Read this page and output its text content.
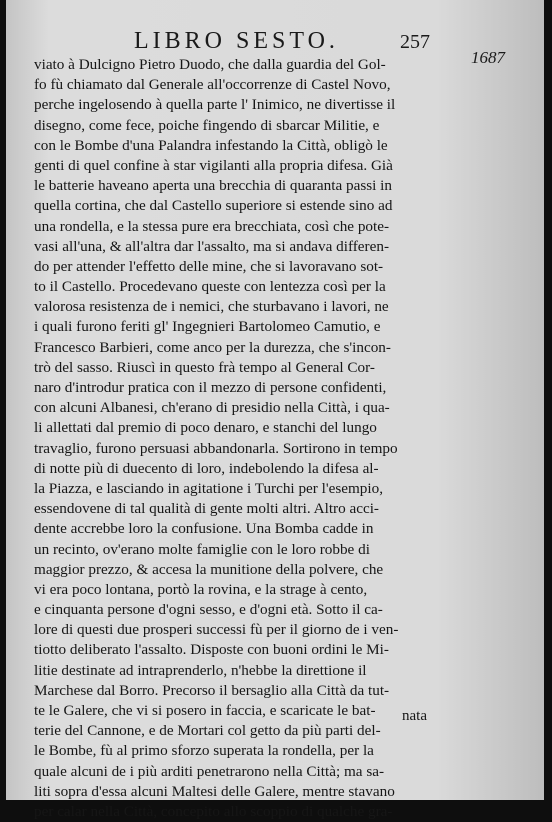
LIBRO SESTO.	257
1687
viato à Dulcigno Pietro Duodo, che dalla guardia del Gol-
fo fù chiamato dal Generale all'occorrenze di Castel Novo,
perche ingelosendo à quella parte l' Inimico, ne divertisse il
disegno, come fece, poiche fingendo di sbarcar Militie, e
con le Bombe d'una Palandra infestando la Città, obligò le
genti di quel confine à star vigilanti alla propria difesa. Già
le batterie haveano aperta una brecchia di quaranta passi in
quella cortina, che dal Castello superiore si estende sino ad
una rondella, e la stessa pure era brecchiata, così che pote-
vasi all'una, & all'altra dar l'assalto, ma si andava differen-
do per attender l'effetto delle mine, che si lavoravano sot-
to il Castello. Procedevano queste con lentezza così per la
valorosa resistenza de i nemici, che sturbavano i lavori, ne
i quali furono feriti gl' Ingegnieri Bartolomeo Camutio, e
Francesco Barbieri, come anco per la durezza, che s'incon-
trò del sasso. Riuscì in questo frà tempo al General Cor-
naro d'introdur pratica con il mezzo di persone confidenti,
con alcuni Albanesi, ch'erano di presidio nella Città, i qua-
li allettati dal premio di poco denaro, e stanchi del lungo
travaglio, furono persuasi abbandonarla. Sortirono in tempo
di notte più di duecento di loro, indebolendo la difesa al-
la Piazza, e lasciando in agitatione i Turchi per l'esempio,
essendovene di tal qualità di gente molti altri. Altro acci-
dente accrebbe loro la confusione. Una Bomba cadde in
un recinto, ov'erano molte famiglie con le loro robbe di
maggior prezzo, & accesa la munitione della polvere, che
vi era poco lontana, portò la rovina, e la strage à cento,
e cinquanta persone d'ogni sesso, e d'ogni età. Sotto il ca-
lore di questi due prosperi successi fù per il giorno de i ven-
tiotto deliberato l'assalto. Disposte con buoni ordini le Mi-
litie destinate ad intraprenderlo, n'hebbe la direttione il
Marchese dal Borro. Precorso il bersaglio alla Città da tut-
te le Galere, che vi si posero in faccia, e scaricate le bat-
terie del Cannone, e de Mortari col getto da più parti del-
le Bombe, fù al primo sforzo superata la rondella, per la
quale alcuni de i più arditi penetrarono nella Città; ma sa-
liti sopra d'essa alcuni Maltesi delle Galere, mentre stavano
per calar nella Città, concepito allo scoppio di qualche gra-
nata
